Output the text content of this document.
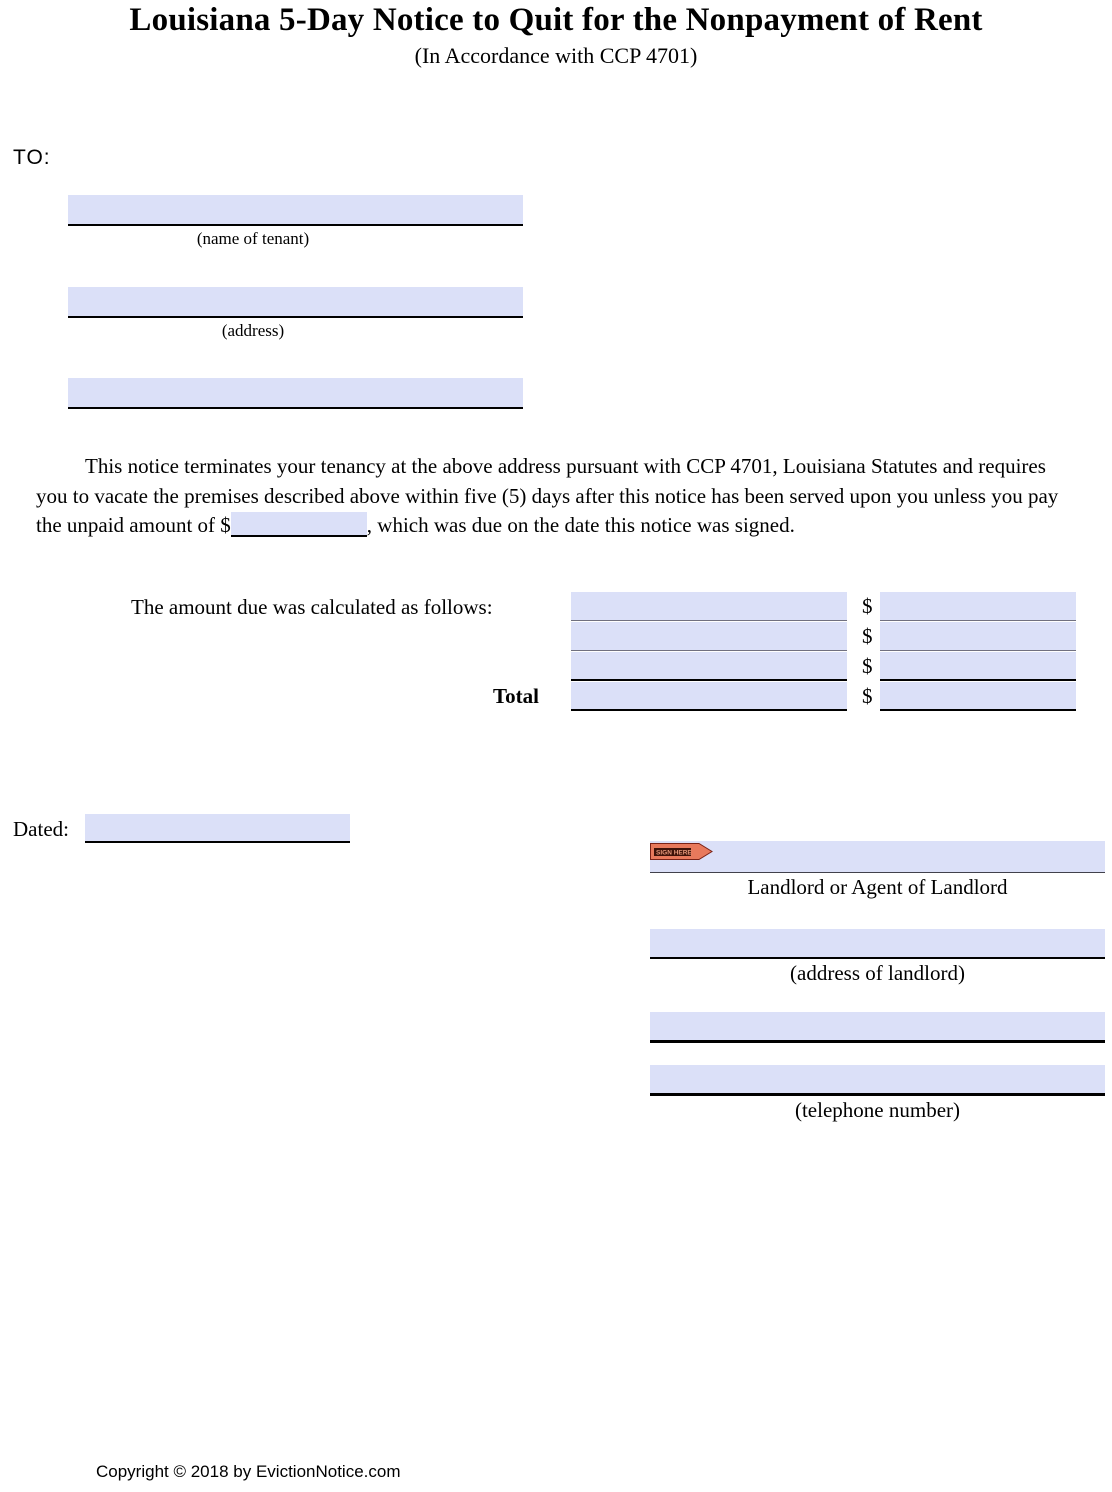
Louisiana 5-Day Notice to Quit for the Nonpayment of Rent
(In Accordance with CCP 4701)
TO:
(name of tenant)
(address)

This notice terminates your tenancy at the above address pursuant with CCP 4701, Louisiana Statutes and requires you to vacate the premises described above within five (5) days after this notice has been served upon you unless you pay the unpaid amount of $	, which was due on the date this notice was signed.

The amount due was calculated as follows:
Total
$
$
$
$
Dated:
SIGN HERE
Landlord or Agent of Landlord
(address of landlord)
(telephone number)
Copyright © 2018 by EvictionNotice.com
